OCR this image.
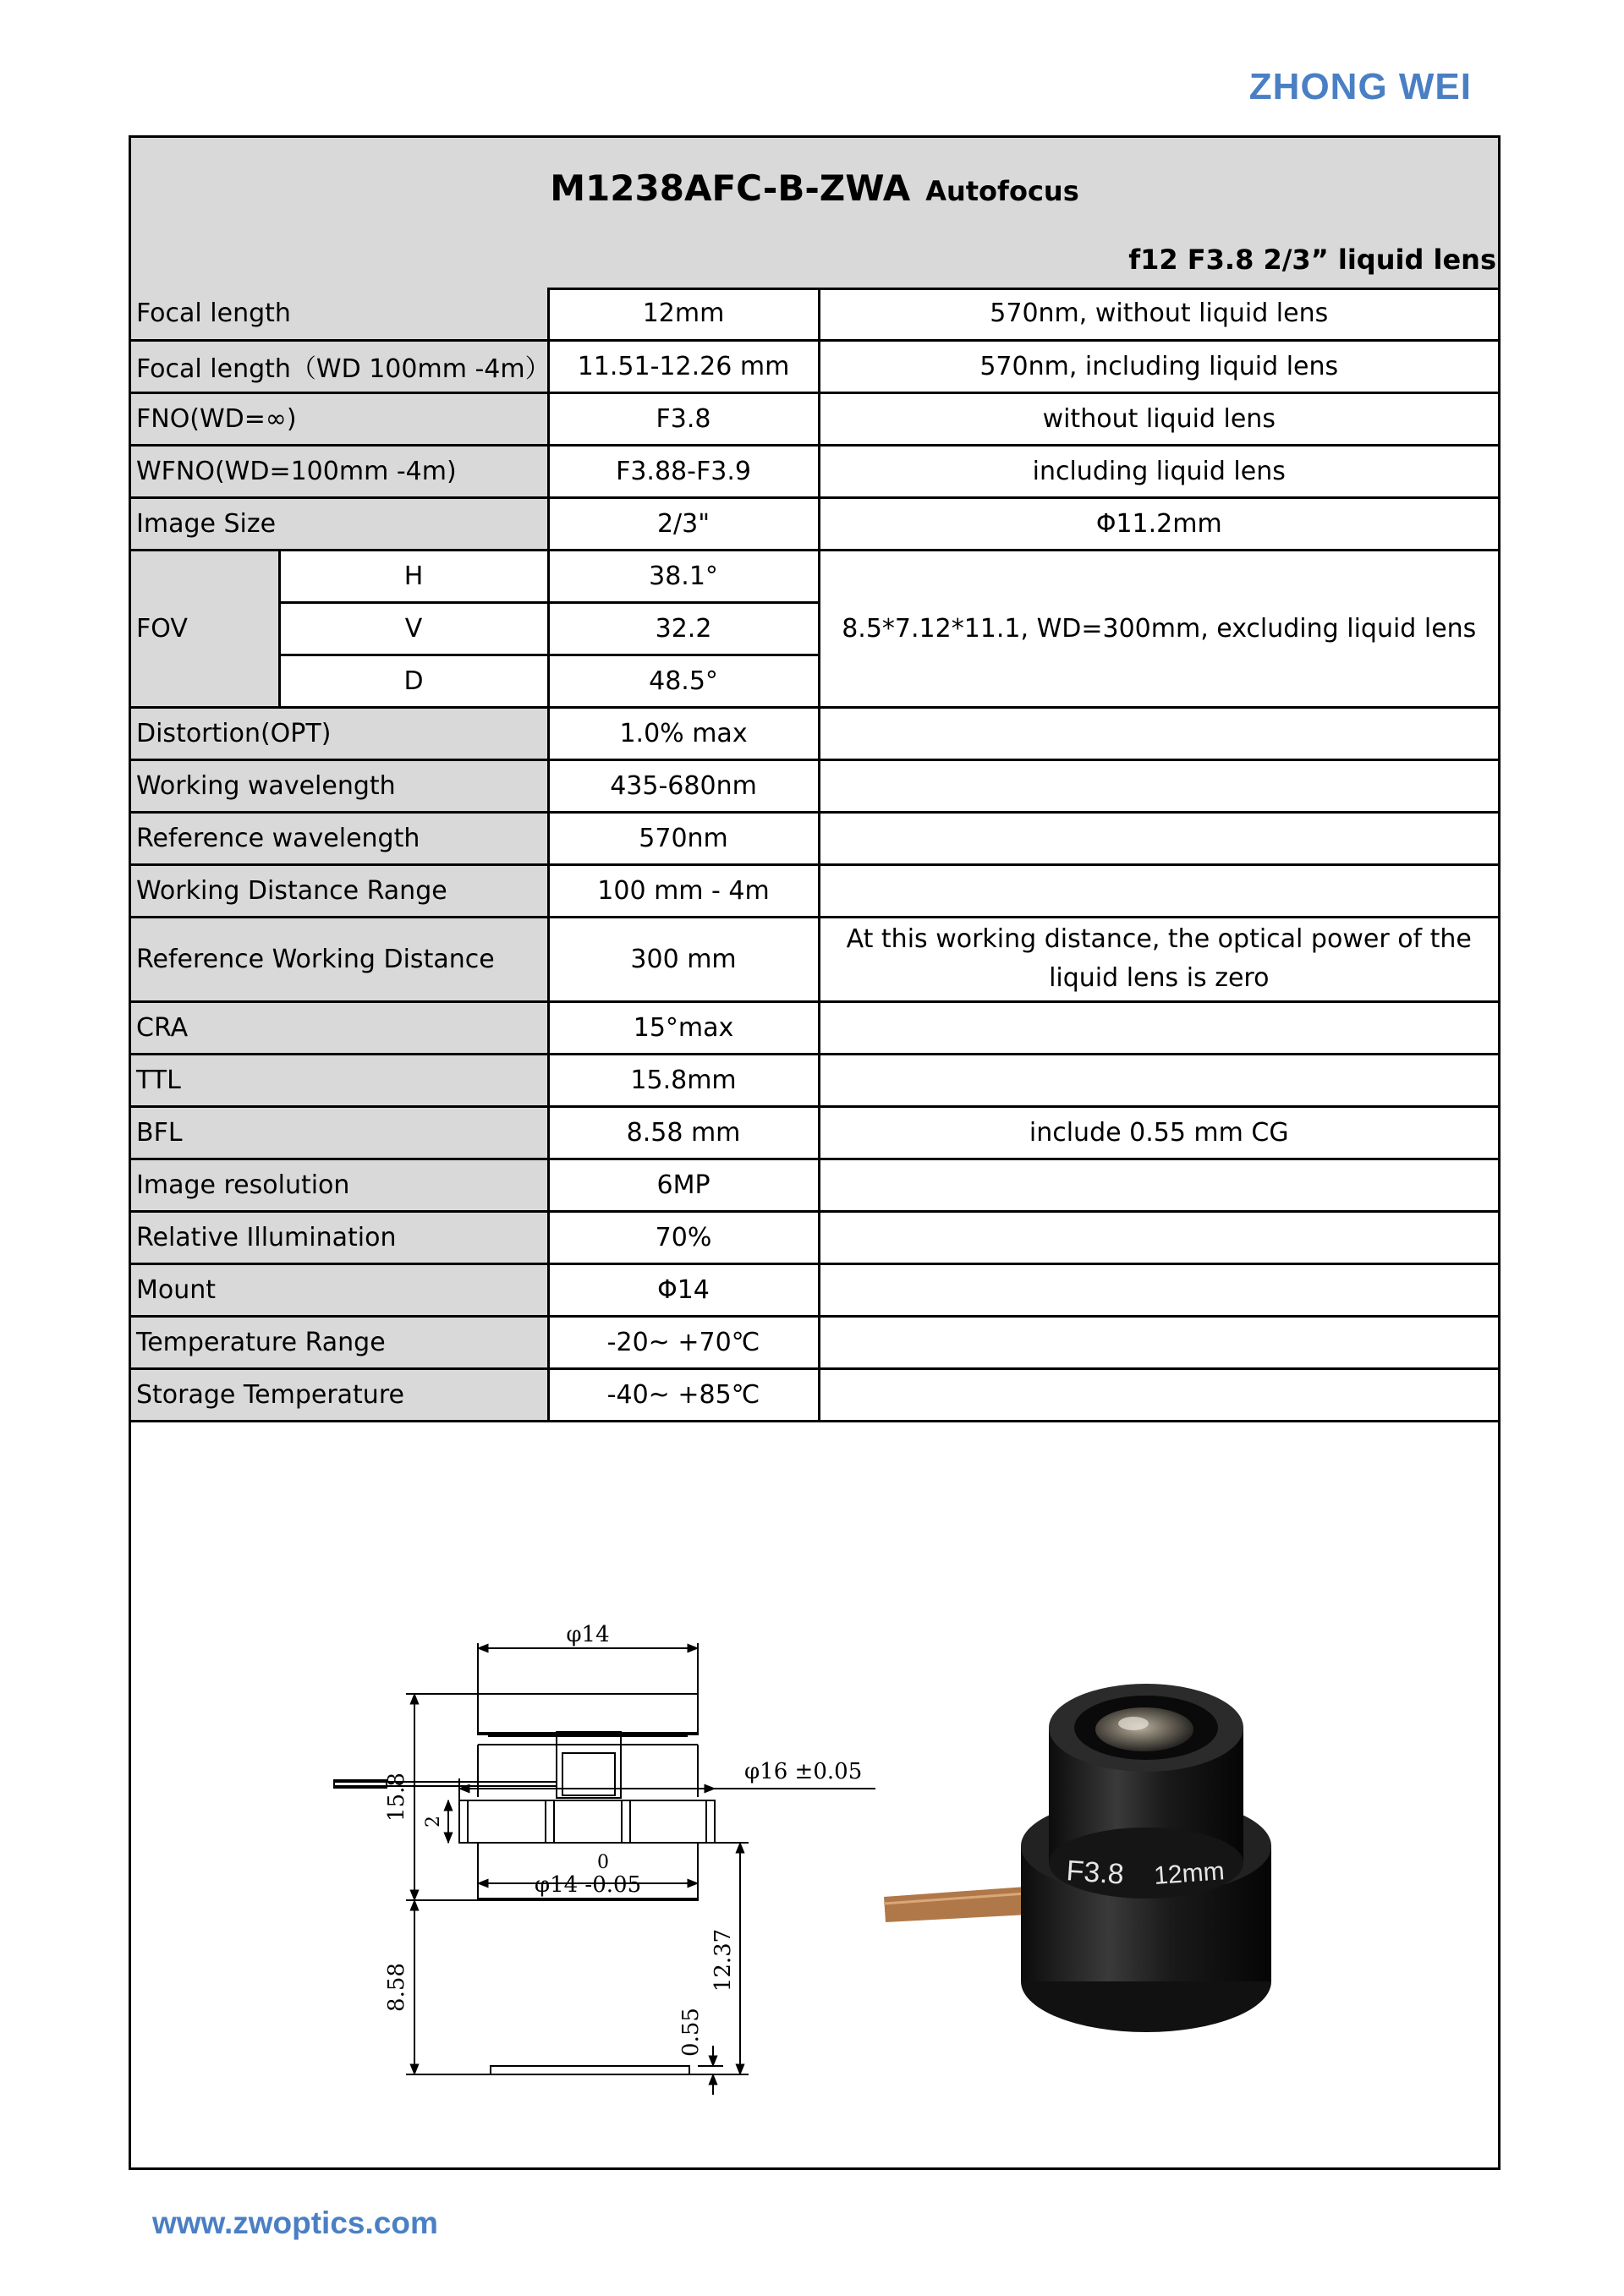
ZHONG WEI
M1238AFC-B-ZWA Autofocus
f12 F3.8 2/3” liquid lens
Focal length		12mm	570nm, without liquid lens
Focal length（WD 100mm -4m）		11.51-12.26 mm	570nm, including liquid lens
FNO(WD=∞)		F3.8	without liquid lens
WFNO(WD=100mm -4m)		F3.88-F3.9	including liquid lens
Image Size		2/3"	Φ11.2mm
FOV	H	38.1°	8.5*7.12*11.1, WD=300mm, excluding liquid lens
	V	32.2	
	D	48.5°	
Distortion(OPT)		1.0% max	
Working wavelength		435-680nm	
Reference wavelength		570nm	
Working Distance Range		100 mm - 4m	
Reference Working Distance		300 mm	At this working distance, the optical power of the liquid lens is zero
CRA		15°max	
TTL		15.8mm	
BFL		8.58 mm	include 0.55 mm CG
Image resolution		6MP	
Relative Illumination		70%	
Mount		Φ14	
Temperature Range		-20~ +70℃	
Storage Temperature		-40~ +85℃	
φ14
φ16 ±0.05
0
φ14 -0.05
15.8
2
8.58
0.55
12.37
F3.8 12mm
www.zwoptics.com
